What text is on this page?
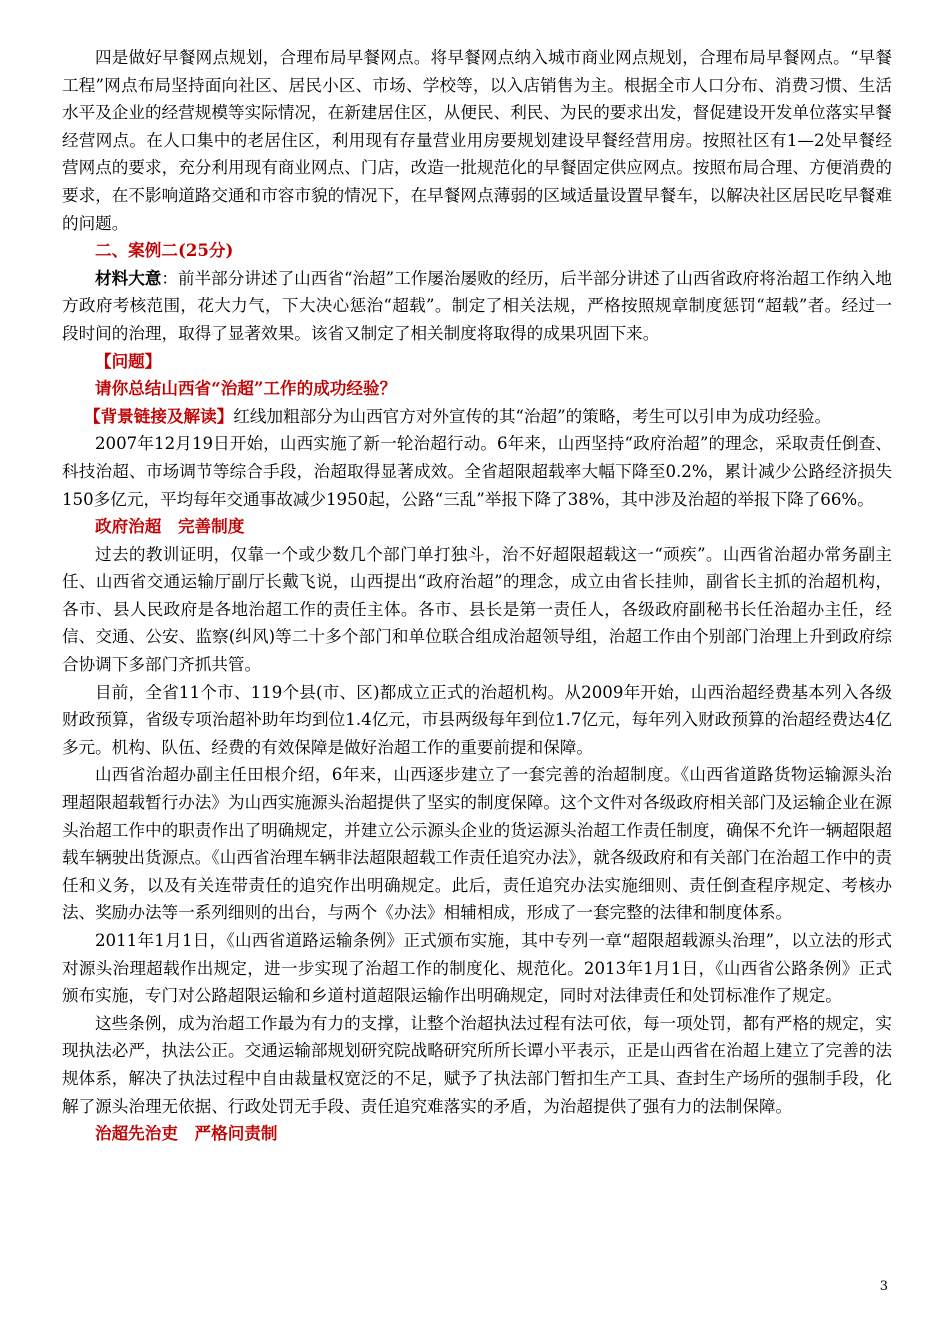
四是做好早餐网点规划，合理布局早餐网点。将早餐网点纳入城市商业网点规划，合理布局早餐网点。“早餐工程”网点布局坚持面向社区、居民小区、市场、学校等，以入店销售为主。根据全市人口分布、消费习惯、生活水平及企业的经营规模等实际情况，在新建居住区，从便民、利民、为民的要求出发，督促建设开发单位落实早餐经营网点。在人口集中的老居住区，利用现有存量营业用房要规划建设早餐经营用房。按照社区有1—2处早餐经营网点的要求，充分利用现有商业网点、门店，改造一批规范化的早餐固定供应网点。按照布局合理、方便消费的要求，在不影响道路交通和市容市貌的情况下，在早餐网点薄弱的区域适量设置早餐车，以解决社区居民吃早餐难的问题。

二、案例二(25分)

材料大意：前半部分讲述了山西省“治超”工作屡治屡败的经历，后半部分讲述了山西省政府将治超工作纳入地方政府考核范围，花大力气，下大决心惩治“超载”。制定了相关法规，严格按照规章制度惩罚“超载”者。经过一段时间的治理，取得了显著效果。该省又制定了相关制度将取得的成果巩固下来。

【问题】

请你总结山西省“治超”工作的成功经验？

【背景链接及解读】红线加粗部分为山西官方对外宣传的其“治超”的策略，考生可以引申为成功经验。

2007年12月19日开始，山西实施了新一轮治超行动。6年来，山西坚持“政府治超”的理念，采取责任倒查、科技治超、市场调节等综合手段，治超取得显著成效。全省超限超载率大幅下降至0.2%，累计减少公路经济损失150多亿元，平均每年交通事故减少1950起，公路“三乱”举报下降了38%，其中涉及治超的举报下降了66%。

政府治超　完善制度

过去的教训证明，仅靠一个或少数几个部门单打独斗，治不好超限超载这一“顽疾”。山西省治超办常务副主任、山西省交通运输厅副厅长戴飞说，山西提出“政府治超”的理念，成立由省长挂帅，副省长主抓的治超机构，各市、县人民政府是各地治超工作的责任主体。各市、县长是第一责任人，各级政府副秘书长任治超办主任，经信、交通、公安、监察(纠风)等二十多个部门和单位联合组成治超领导组，治超工作由个别部门治理上升到政府综合协调下多部门齐抓共管。

目前，全省11个市、119个县(市、区)都成立正式的治超机构。从2009年开始，山西治超经费基本列入各级财政预算，省级专项治超补助年均到位1.4亿元，市县两级每年到位1.7亿元，每年列入财政预算的治超经费达4亿多元。机构、队伍、经费的有效保障是做好治超工作的重要前提和保障。

山西省治超办副主任田根介绍，6年来，山西逐步建立了一套完善的治超制度。《山西省道路货物运输源头治理超限超载暂行办法》为山西实施源头治超提供了坚实的制度保障。这个文件对各级政府相关部门及运输企业在源头治超工作中的职责作出了明确规定，并建立公示源头企业的货运源头治超工作责任制度，确保不允许一辆超限超载车辆驶出货源点。《山西省治理车辆非法超限超载工作责任追究办法》，就各级政府和有关部门在治超工作中的责任和义务，以及有关连带责任的追究作出明确规定。此后，责任追究办法实施细则、责任倒查程序规定、考核办法、奖励办法等一系列细则的出台，与两个《办法》相辅相成，形成了一套完整的法律和制度体系。

2011年1月1日，《山西省道路运输条例》正式颁布实施，其中专列一章“超限超载源头治理”，以立法的形式对源头治理超载作出规定，进一步实现了治超工作的制度化、规范化。2013年1月1日，《山西省公路条例》正式颁布实施，专门对公路超限运输和乡道村道超限运输作出明确规定，同时对法律责任和处罚标准作了规定。

这些条例，成为治超工作最为有力的支撑，让整个治超执法过程有法可依，每一项处罚，都有严格的规定，实现执法必严，执法公正。交通运输部规划研究院战略研究所所长谭小平表示，正是山西省在治超上建立了完善的法规体系，解决了执法过程中自由裁量权宽泛的不足，赋予了执法部门暂扣生产工具、查封生产场所的强制手段，化解了源头治理无依据、行政处罚无手段、责任追究难落实的矛盾，为治超提供了强有力的法制保障。

治超先治吏　严格问责制

3
